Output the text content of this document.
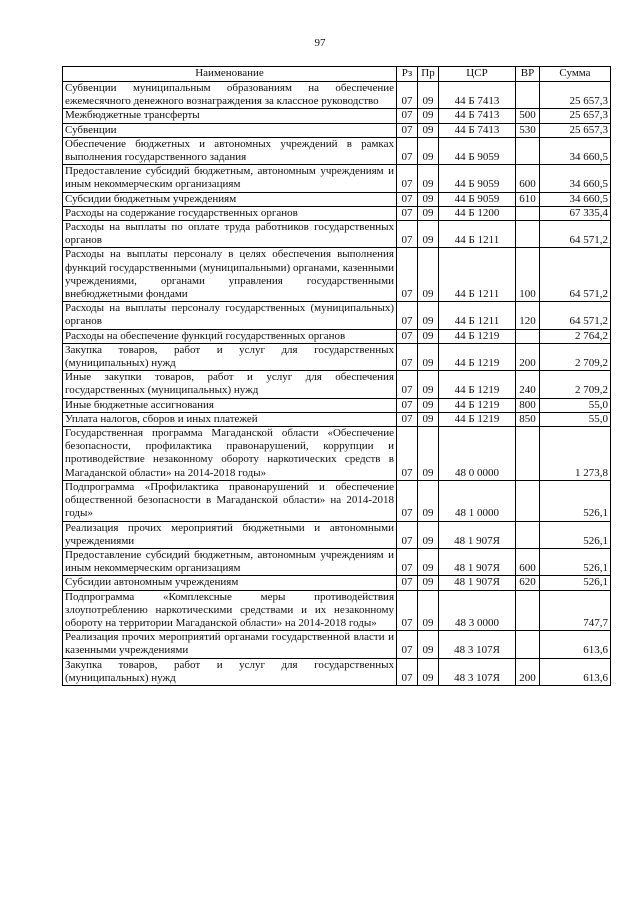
97
Наименование	Рз	Пр	ЦСР	ВР	Сумма
Субвенции муниципальным образованиям на обеспечение ежемесячного денежного вознаграждения за классное руководство	07	09	44 Б 7413		25 657,3
Межбюджетные трансферты	07	09	44 Б 7413	500	25 657,3
Субвенции	07	09	44 Б 7413	530	25 657,3
Обеспечение бюджетных и автономных учреждений в рамках выполнения государственного задания	07	09	44 Б 9059		34 660,5
Предоставление субсидий бюджетным, автономным учреждениям и иным некоммерческим организациям	07	09	44 Б 9059	600	34 660,5
Субсидии бюджетным учреждениям	07	09	44 Б 9059	610	34 660,5
Расходы на содержание государственных органов	07	09	44 Б 1200		67 335,4
Расходы на выплаты по оплате труда работников государственных органов	07	09	44 Б 1211		64 571,2
Расходы на выплаты персоналу в целях обеспечения выполнения функций государственными (муниципальными) органами, казенными учреждениями, органами управления государственными внебюджетными фондами	07	09	44 Б 1211	100	64 571,2
Расходы на выплаты персоналу государственных (муниципальных) органов	07	09	44 Б 1211	120	64 571,2
Расходы на обеспечение функций государственных органов	07	09	44 Б 1219		2 764,2
Закупка товаров, работ и услуг для государственных (муниципальных) нужд	07	09	44 Б 1219	200	2 709,2
Иные закупки товаров, работ и услуг для обеспечения государственных (муниципальных) нужд	07	09	44 Б 1219	240	2 709,2
Иные бюджетные ассигнования	07	09	44 Б 1219	800	55,0
Уплата налогов, сборов и иных платежей	07	09	44 Б 1219	850	55,0
Государственная программа Магаданской области «Обеспечение безопасности, профилактика правонарушений, коррупции и противодействие незаконному обороту наркотических средств в Магаданской области» на 2014-2018 годы»	07	09	48 0 0000		1 273,8
Подпрограмма «Профилактика правонарушений и обеспечение общественной безопасности в Магаданской области» на 2014-2018 годы»	07	09	48 1 0000		526,1
Реализация прочих мероприятий бюджетными и автономными учреждениями	07	09	48 1 907Я		526,1
Предоставление субсидий бюджетным, автономным учреждениям и иным некоммерческим организациям	07	09	48 1 907Я	600	526,1
Субсидии автономным учреждениям	07	09	48 1 907Я	620	526,1
Подпрограмма «Комплексные меры противодействия злоупотреблению наркотическими средствами и их незаконному обороту на территории Магаданской области» на 2014-2018 годы»	07	09	48 3 0000		747,7
Реализация прочих мероприятий органами государственной власти и казенными учреждениями	07	09	48 3 107Я		613,6
Закупка товаров, работ и услуг для государственных (муниципальных) нужд	07	09	48 3 107Я	200	613,6
